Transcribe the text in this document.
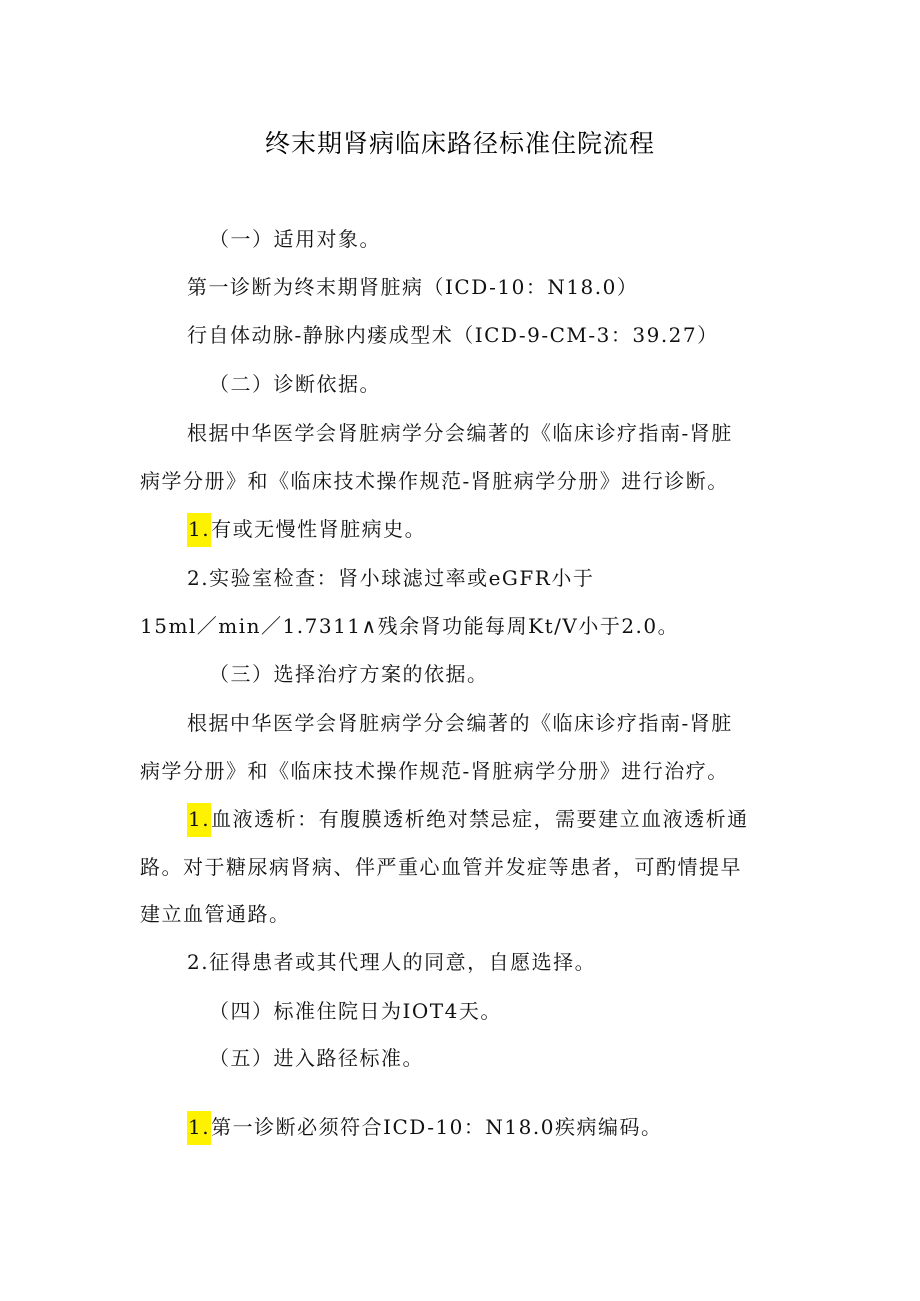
终末期肾病临床路径标准住院流程
（一）适用对象。
第一诊断为终末期肾脏病（ICD-10：N18.0）
行自体动脉-静脉内瘘成型术（ICD-9-CM-3：39.27）
（二）诊断依据。
根据中华医学会肾脏病学分会编著的《临床诊疗指南-肾脏
病学分册》和《临床技术操作规范-肾脏病学分册》进行诊断。
1.有或无慢性肾脏病史。
2.实验室检查：肾小球滤过率或eGFR小于
15ml／min／1.7311∧残余肾功能每周Kt/V小于2.0。
（三）选择治疗方案的依据。
根据中华医学会肾脏病学分会编著的《临床诊疗指南-肾脏
病学分册》和《临床技术操作规范-肾脏病学分册》进行治疗。
1.血液透析：有腹膜透析绝对禁忌症，需要建立血液透析通
路。对于糖尿病肾病、伴严重心血管并发症等患者，可酌情提早
建立血管通路。
2.征得患者或其代理人的同意，自愿选择。
（四）标准住院日为IOT4天。
（五）进入路径标准。
1.第一诊断必须符合ICD-10：N18.0疾病编码。
